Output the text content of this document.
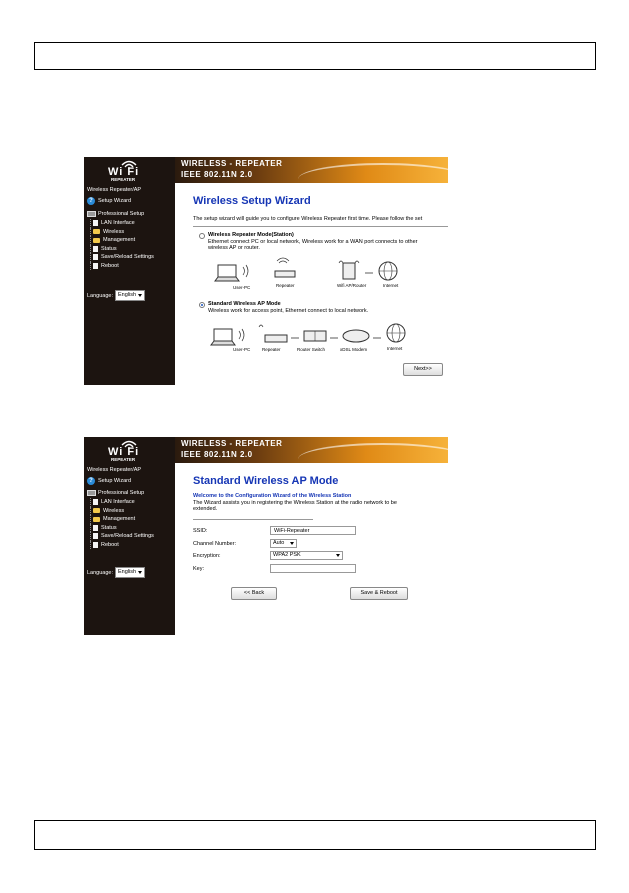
Wi Fi
REPEATER
Wireless Repeater/AP
? Setup Wizard
Professional Setup
LAN Interface
Wireless
Management
Status
Save/Reload Settings
Reboot
Language: English
WIRELESS - REPEATER
IEEE 802.11N 2.0
Wireless Setup Wizard
The setup wizard will guide you to configure Wireless Repeater first time. Please follow the set
Wireless Repeater Mode(Station)
Ethernet connect PC or local network, Wireless work for a WAN port connects to other
wireless AP or router.
User-PC	Repeater	Wifi AP/Router	Internet
Standard Wireless AP Mode
Wireless work for access point, Ethernet connect to local network.
User-PC	Repeater	Router Switch	xDSL Modem	Internet
Next>>
Wi Fi
REPEATER
Wireless Repeater/AP
? Setup Wizard
Professional Setup
LAN Interface
Wireless
Management
Status
Save/Reload Settings
Reboot
Language: English
WIRELESS - REPEATER
IEEE 802.11N 2.0
Standard Wireless AP Mode
Welcome to the Configuration Wizard of the Wireless Station
The Wizard assists you in registering the Wireless Station at the radio network to be
extended.
SSID:	WiFi-Repeater
Channel Number:	Auto
Encryption:	WPA2 PSK
Key:
<< Back	Save & Reboot
